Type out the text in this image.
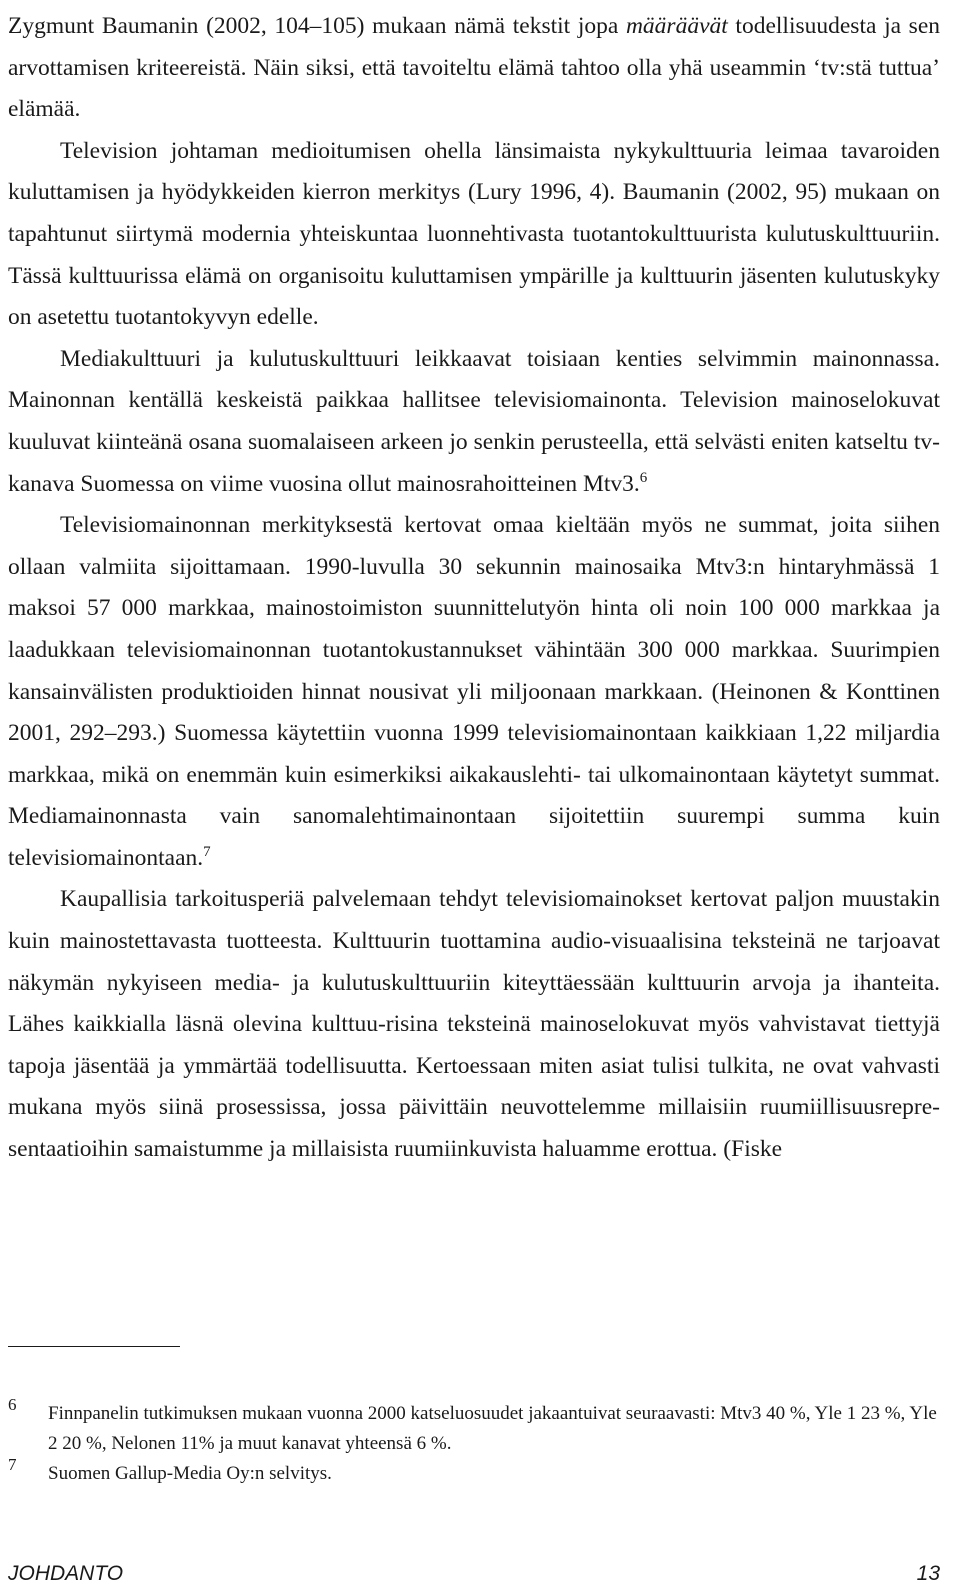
Zygmunt Baumanin (2002, 104–105) mukaan nämä tekstit jopa määräävät todellisuudesta ja sen arvottamisen kriteereistä. Näin siksi, että tavoiteltu elämä tahtoo olla yhä useammin ‘tv:stä tuttua’ elämää.

Television johtaman medioitumisen ohella länsimaista nykykulttuuria leimaa tavaroiden kuluttamisen ja hyödykkeiden kierron merkitys (Lury 1996, 4). Baumanin (2002, 95) mukaan on tapahtunut siirtymä modernia yhteiskuntaa luonnehtivasta tuotantokulttuurista kulutuskulttuuriin. Tässä kulttuurissa elämä on organisoitu kuluttamisen ympärille ja kulttuurin jäsenten kulutuskyky on asetettu tuotantokyvyn edelle.

Mediakulttuuri ja kulutuskulttuuri leikkaavat toisiaan kenties selvimmin mainonnassa. Mainonnan kentällä keskeistä paikkaa hallitsee televisiomainonta. Television mainoselokuvat kuuluvat kiinteänä osana suomalaiseen arkeen jo senkin perusteella, että selvästi eniten katseltu tv-kanava Suomessa on viime vuosina ollut mainosrahoitteinen Mtv3.$^6$

Televisiomainonnan merkityksestä kertovat omaa kieltään myös ne summat, joita siihen ollaan valmiita sijoittamaan. 1990-luvulla 30 sekunnin mainosaika Mtv3:n hintaryhmässä 1 maksoi 57 000 markkaa, mainostoimiston suunnittelutyön hinta oli noin 100 000 markkaa ja laadukkaan televisiomainonnan tuotantokustannukset vähintään 300 000 markkaa. Suurimpien kansainvälisten produktioiden hinnat nousivat yli miljoonaan markkaan. (Heinonen & Konttinen 2001, 292–293.) Suomessa käytettiin vuonna 1999 televisiomainontaan kaikkiaan 1,22 miljardia markkaa, mikä on enemmän kuin esimerkiksi aikakauslehti- tai ulkomainontaan käytetyt summat. Mediamainonnasta vain sanomalehtimainontaan sijoitettiin suurempi summa kuin televisiomainontaan.$^7$

Kaupallisia tarkoitusperiä palvelemaan tehdyt televisiomainokset kertovat paljon muustakin kuin mainostettavasta tuotteesta. Kulttuurin tuottamina audio-visuaalisina teksteinä ne tarjoavat näkymän nykyiseen media- ja kulutuskulttuuriin kiteyttäessään kulttuurin arvoja ja ihanteita. Lähes kaikkialla läsnä olevina kulttuu-risina teksteinä mainoselokuvat myös vahvistavat tiettyjä tapoja jäsentää ja ymmärtää todellisuutta. Kertoessaan miten asiat tulisi tulkita, ne ovat vahvasti mukana myös siinä prosessissa, jossa päivittäin neuvottelemme millaisiin ruumiillisuusrepre-sentaatioihin samaistumme ja millaisista ruumiinkuvista haluamme erottua. (Fiske

6 Finnpanelin tutkimuksen mukaan vuonna 2000 katseluosuudet jakaantuivat seuraavasti: Mtv3 40 %, Yle 1 23 %, Yle 2 20 %, Nelonen 11% ja muut kanavat yhteensä 6 %.

7 Suomen Gallup-Media Oy:n selvitys.

JOHDANTO	13
